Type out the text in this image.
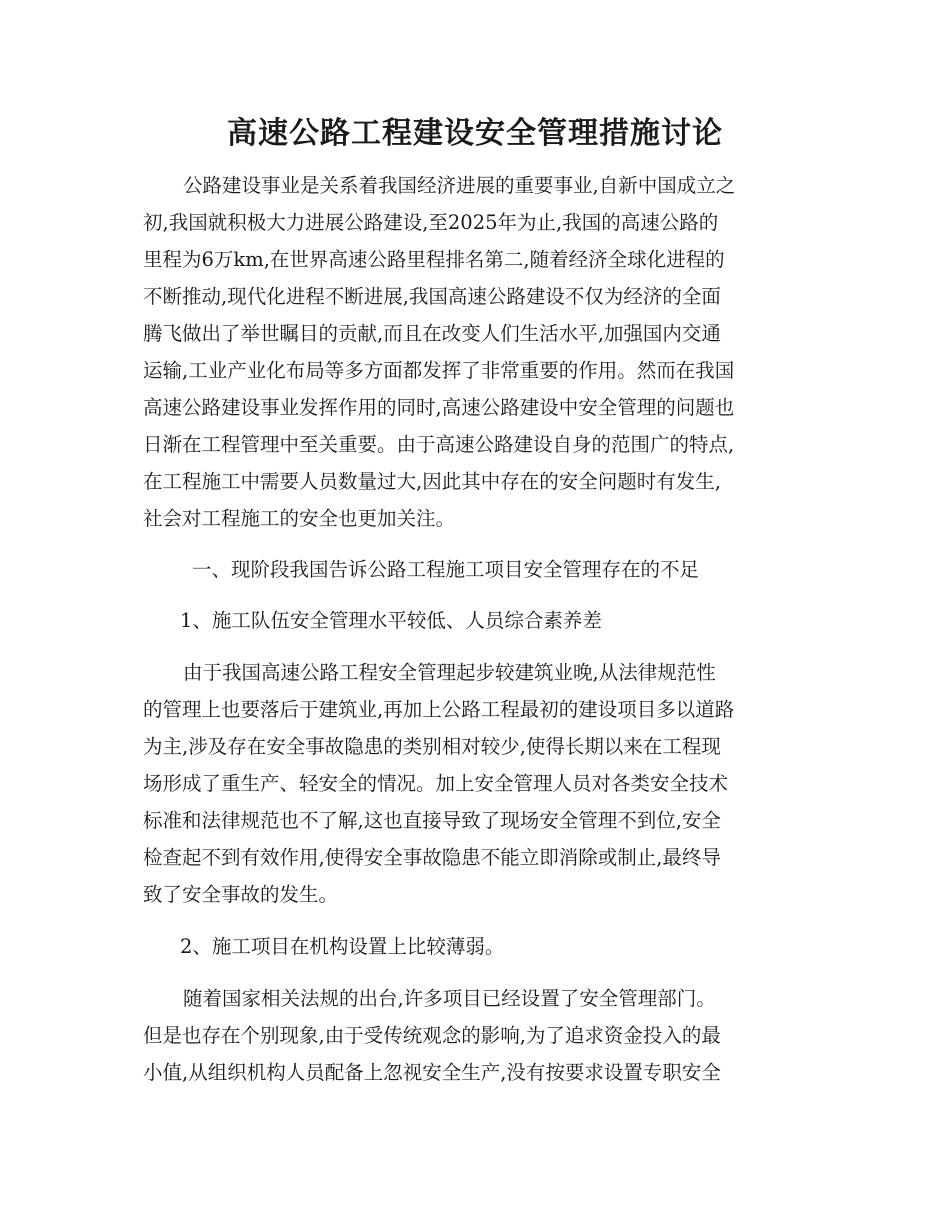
高速公路工程建设安全管理措施讨论

公路建设事业是关系着我国经济进展的重要事业,自新中国成立之

初,我国就积极大力进展公路建设,至2025年为止,我国的高速公路的

里程为6万km,在世界高速公路里程排名第二,随着经济全球化进程的

不断推动,现代化进程不断进展,我国高速公路建设不仅为经济的全面

腾飞做出了举世瞩目的贡献,而且在改变人们生活水平,加强国内交通

运输,工业产业化布局等多方面都发挥了非常重要的作用。然而在我国

高速公路建设事业发挥作用的同时,高速公路建设中安全管理的问题也

日渐在工程管理中至关重要。由于高速公路建设自身的范围广的特点,

在工程施工中需要人员数量过大,因此其中存在的安全问题时有发生,

社会对工程施工的安全也更加关注。

一、现阶段我国告诉公路工程施工项目安全管理存在的不足

1、施工队伍安全管理水平较低、人员综合素养差

由于我国高速公路工程安全管理起步较建筑业晚,从法律规范性

的管理上也要落后于建筑业,再加上公路工程最初的建设项目多以道路

为主,涉及存在安全事故隐患的类别相对较少,使得长期以来在工程现

场形成了重生产、轻安全的情况。加上安全管理人员对各类安全技术

标准和法律规范也不了解,这也直接导致了现场安全管理不到位,安全

检查起不到有效作用,使得安全事故隐患不能立即消除或制止,最终导

致了安全事故的发生。

2、施工项目在机构设置上比较薄弱。

随着国家相关法规的出台,许多项目已经设置了安全管理部门。

但是也存在个别现象,由于受传统观念的影响,为了追求资金投入的最

小值,从组织机构人员配备上忽视安全生产,没有按要求设置专职安全
